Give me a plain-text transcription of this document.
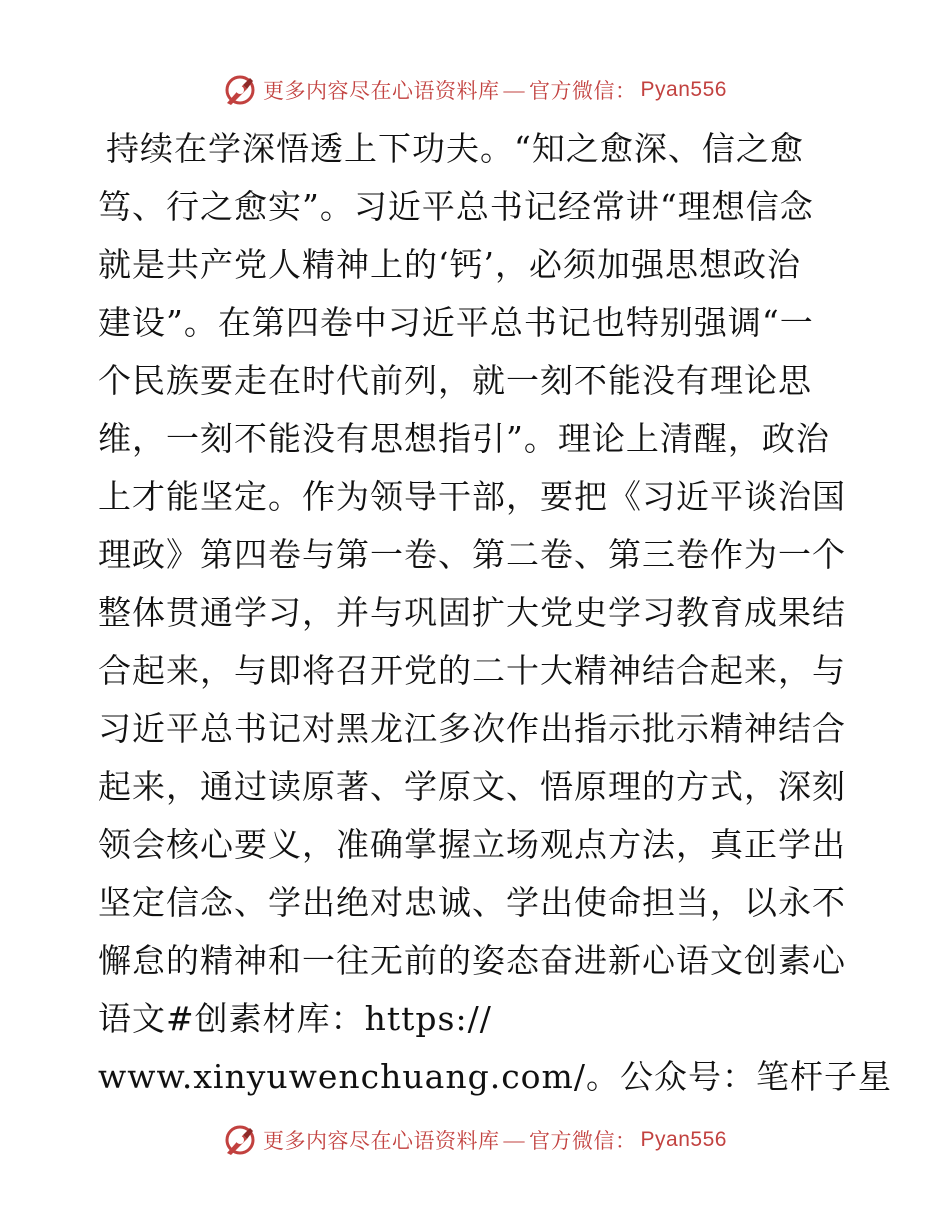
更多内容尽在心语资料库 — 官方微信： Pyan556
持续在学深悟透上下功夫。“知之愈深、信之愈
笃、行之愈实”。习近平总书记经常讲“理想信念
就是共产党人精神上的‘钙’，必须加强思想政治
建设”。在第四卷中习近平总书记也特别强调“一
个民族要走在时代前列，就一刻不能没有理论思
维，一刻不能没有思想指引”。理论上清醒，政治
上才能坚定。作为领导干部，要把《习近平谈治国
理政》第四卷与第一卷、第二卷、第三卷作为一个
整体贯通学习，并与巩固扩大党史学习教育成果结
合起来，与即将召开党的二十大精神结合起来，与
习近平总书记对黑龙江多次作出指示批示精神结合
起来，通过读原著、学原文、悟原理的方式，深刻
领会核心要义，准确掌握立场观点方法，真正学出
坚定信念、学出绝对忠诚、学出使命担当，以永不
懈怠的精神和一往无前的姿态奋进新心语文创素心
语文#创素材库：https://
www.xinyuwenchuang.com/。公众号：笔杆子星
更多内容尽在心语资料库 — 官方微信： Pyan556
